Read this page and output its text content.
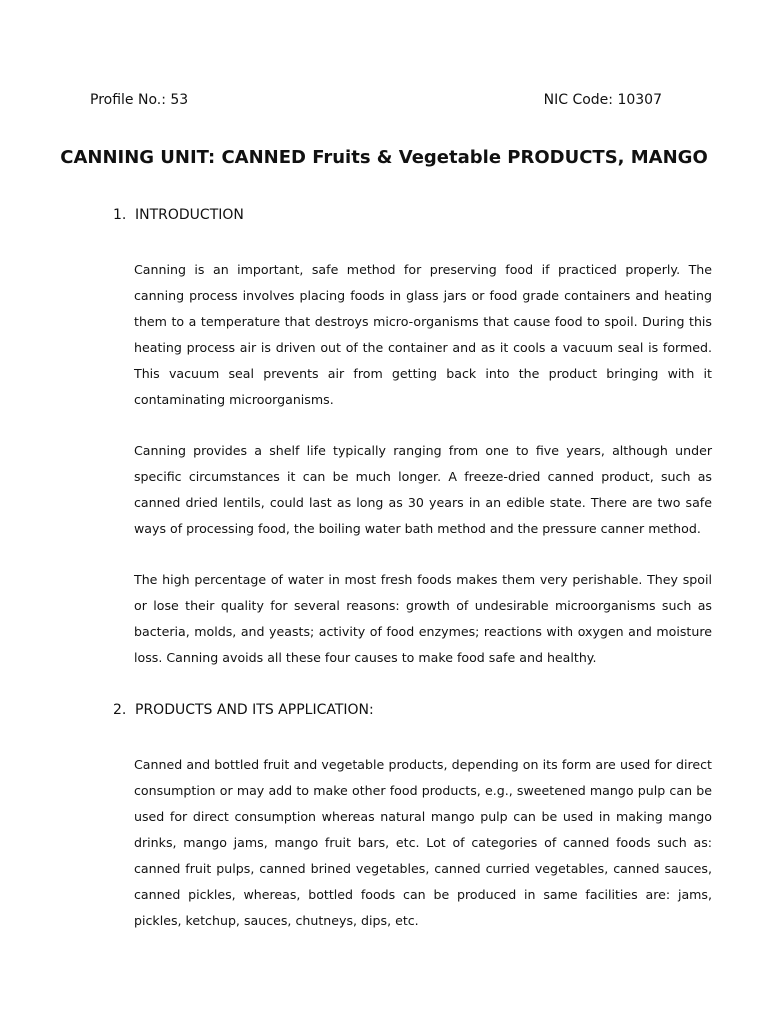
Profile No.: 53	NIC Code: 10307
CANNING UNIT: CANNED Fruits & Vegetable PRODUCTS, MANGO
1. INTRODUCTION

Canning is an important, safe method for preserving food if practiced properly. The canning process involves placing foods in glass jars or food grade containers and heating them to a temperature that destroys micro-organisms that cause food to spoil. During this heating process air is driven out of the container and as it cools a vacuum seal is formed. This vacuum seal prevents air from getting back into the product bringing with it contaminating microorganisms.

Canning provides a shelf life typically ranging from one to five years, although under specific circumstances it can be much longer. A freeze-dried canned product, such as canned dried lentils, could last as long as 30 years in an edible state. There are two safe ways of processing food, the boiling water bath method and the pressure canner method.

The high percentage of water in most fresh foods makes them very perishable. They spoil or lose their quality for several reasons: growth of undesirable microorganisms such as bacteria, molds, and yeasts; activity of food enzymes; reactions with oxygen and moisture loss. Canning avoids all these four causes to make food safe and healthy.

2. PRODUCTS AND ITS APPLICATION:

Canned and bottled fruit and vegetable products, depending on its form are used for direct consumption or may add to make other food products, e.g., sweetened mango pulp can be used for direct consumption whereas natural mango pulp can be used in making mango drinks, mango jams, mango fruit bars, etc. Lot of categories of canned foods such as: canned fruit pulps, canned brined vegetables, canned curried vegetables, canned sauces, canned pickles, whereas, bottled foods can be produced in same facilities are: jams, pickles, ketchup, sauces, chutneys, dips, etc.
